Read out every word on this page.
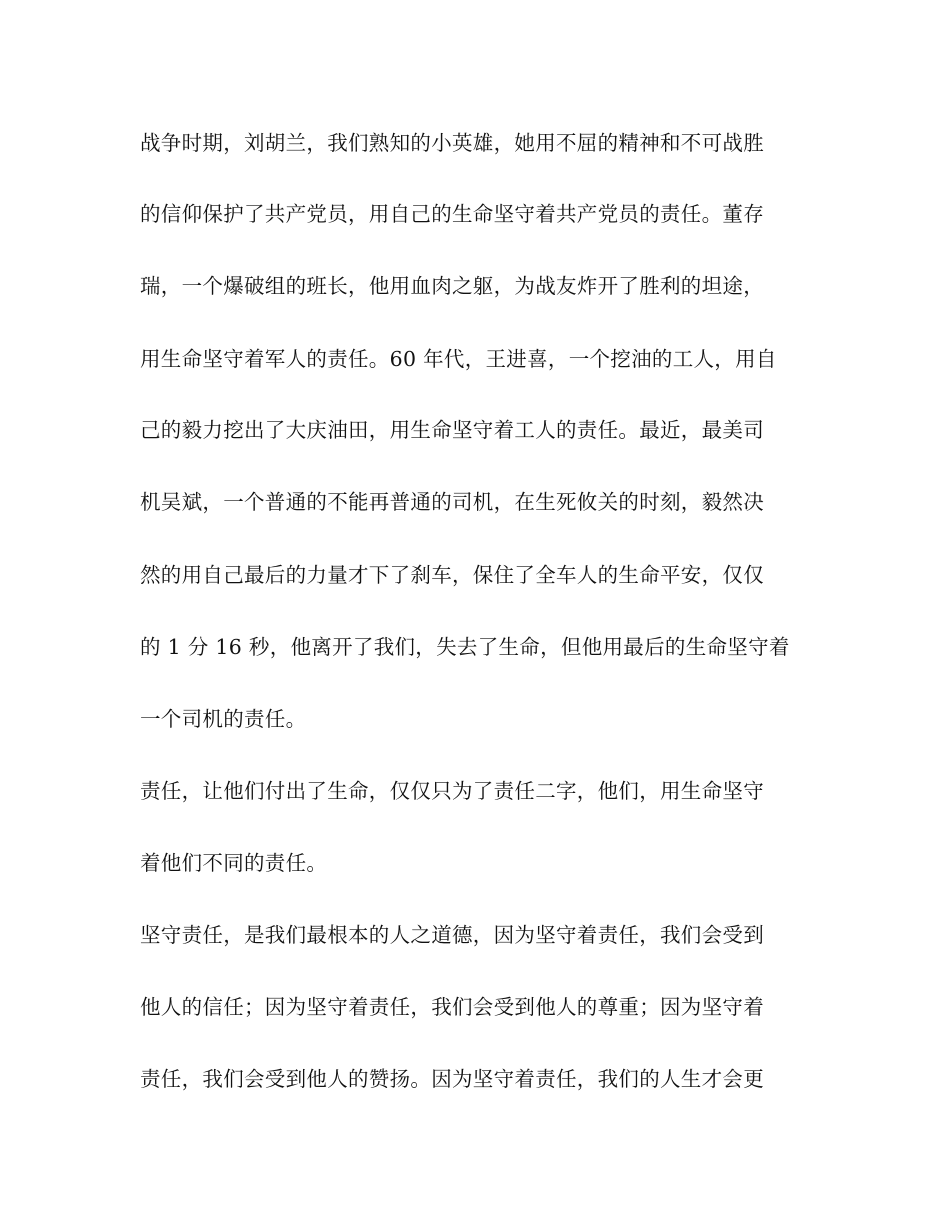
战争时期，刘胡兰，我们熟知的小英雄，她用不屈的精神和不可战胜
的信仰保护了共产党员，用自己的生命坚守着共产党员的责任。董存
瑞，一个爆破组的班长，他用血肉之躯，为战友炸开了胜利的坦途，
用生命坚守着军人的责任。60 年代，王进喜，一个挖油的工人，用自
己的毅力挖出了大庆油田，用生命坚守着工人的责任。最近，最美司
机吴斌，一个普通的不能再普通的司机，在生死攸关的时刻，毅然决
然的用自己最后的力量才下了刹车，保住了全车人的生命平安，仅仅
的 1 分 16 秒，他离开了我们，失去了生命，但他用最后的生命坚守着
一个司机的责任。
责任，让他们付出了生命，仅仅只为了责任二字，他们，用生命坚守
着他们不同的责任。
坚守责任，是我们最根本的人之道德，因为坚守着责任，我们会受到
他人的信任；因为坚守着责任，我们会受到他人的尊重；因为坚守着
责任，我们会受到他人的赞扬。因为坚守着责任，我们的人生才会更
